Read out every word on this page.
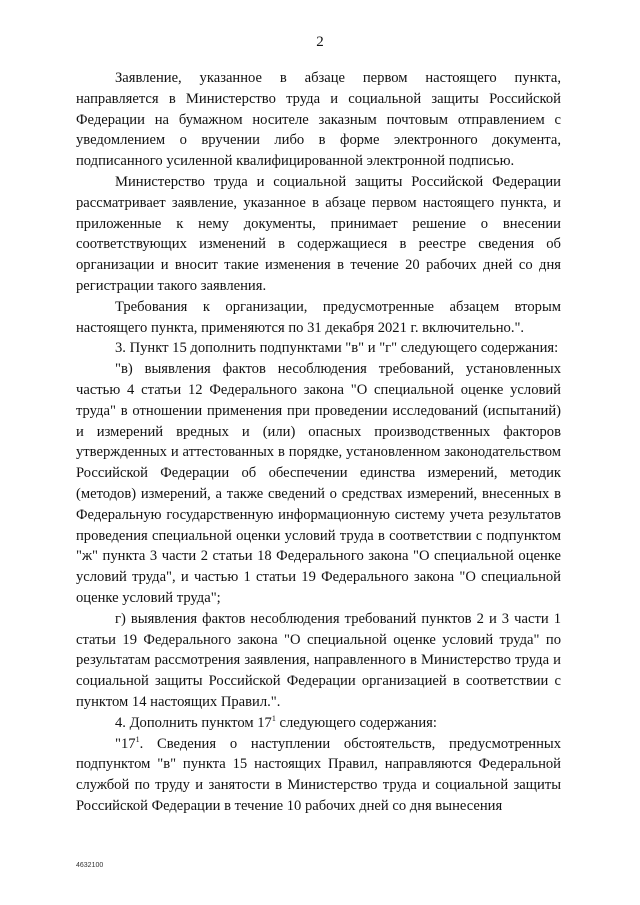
2

Заявление, указанное в абзаце первом настоящего пункта, направляется в Министерство труда и социальной защиты Российской Федерации на бумажном носителе заказным почтовым отправлением с уведомлением о вручении либо в форме электронного документа, подписанного усиленной квалифицированной электронной подписью.

Министерство труда и социальной защиты Российской Федерации рассматривает заявление, указанное в абзаце первом настоящего пункта, и приложенные к нему документы, принимает решение о внесении соответствующих изменений в содержащиеся в реестре сведения об организации и вносит такие изменения в течение 20 рабочих дней со дня регистрации такого заявления.

Требования к организации, предусмотренные абзацем вторым настоящего пункта, применяются по 31 декабря 2021 г. включительно.".

3. Пункт 15 дополнить подпунктами "в" и "г" следующего содержания:

"в) выявления фактов несоблюдения требований, установленных частью 4 статьи 12 Федерального закона "О специальной оценке условий труда" в отношении применения при проведении исследований (испытаний) и измерений вредных и (или) опасных производственных факторов утвержденных и аттестованных в порядке, установленном законодательством Российской Федерации об обеспечении единства измерений, методик (методов) измерений, а также сведений о средствах измерений, внесенных в Федеральную государственную информационную систему учета результатов проведения специальной оценки условий труда в соответствии с подпунктом "ж" пункта 3 части 2 статьи 18 Федерального закона "О специальной оценке условий труда", и частью 1 статьи 19 Федерального закона "О специальной оценке условий труда";

г) выявления фактов несоблюдения требований пунктов 2 и 3 части 1 статьи 19 Федерального закона "О специальной оценке условий труда" по результатам рассмотрения заявления, направленного в Министерство труда и социальной защиты Российской Федерации организацией в соответствии с пунктом 14 настоящих Правил.".

4. Дополнить пунктом $17^1$ следующего содержания:

"$17^1$. Сведения о наступлении обстоятельств, предусмотренных подпунктом "в" пункта 15 настоящих Правил, направляются Федеральной службой по труду и занятости в Министерство труда и социальной защиты Российской Федерации в течение 10 рабочих дней со дня вынесения

4632100
